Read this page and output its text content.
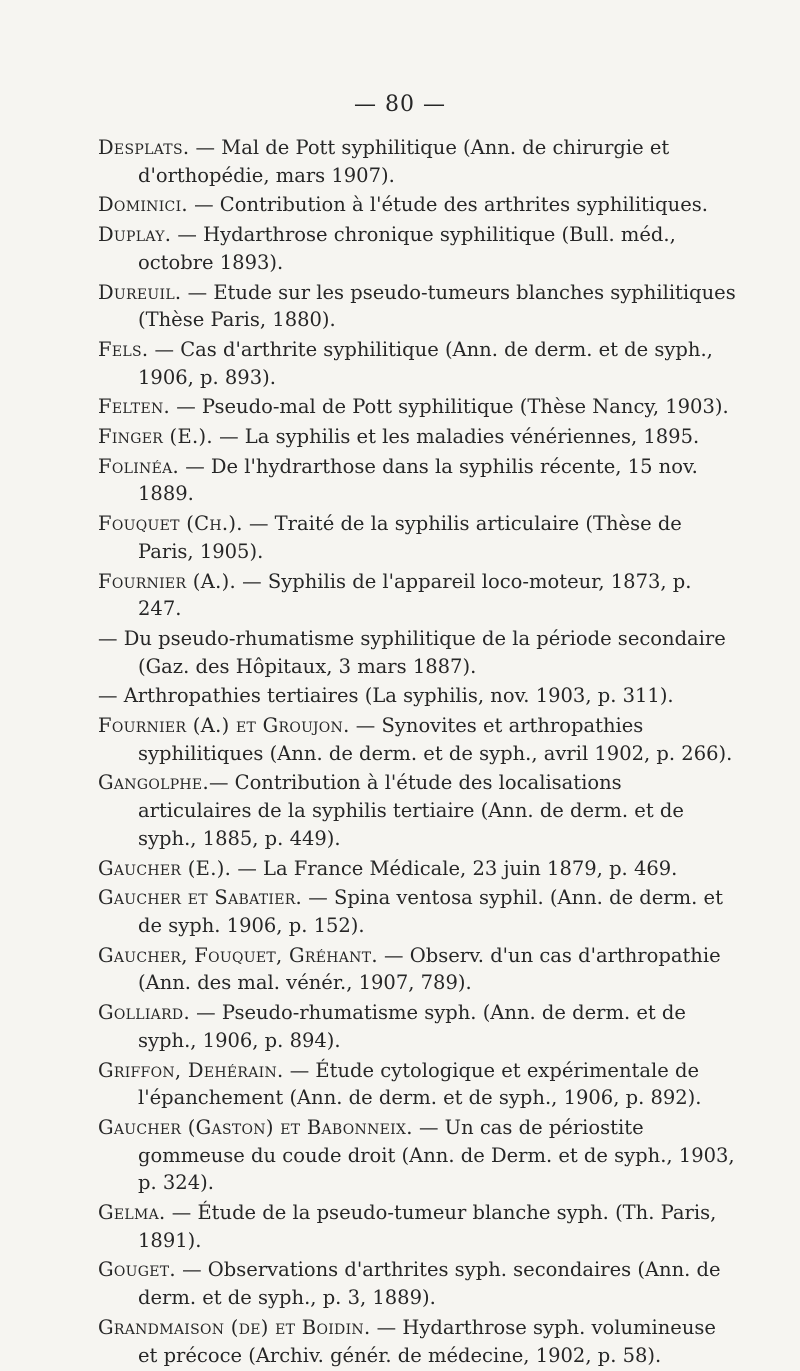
— 80 —

Desplats. — Mal de Pott syphilitique (Ann. de chirurgie et d'orthopédie, mars 1907).

Dominici. — Contribution à l'étude des arthrites syphilitiques.

Duplay. — Hydarthrose chronique syphilitique (Bull. méd., octobre 1893).

Dureuil. — Etude sur les pseudo-tumeurs blanches syphilitiques (Thèse Paris, 1880).

Fels. — Cas d'arthrite syphilitique (Ann. de derm. et de syph., 1906, p. 893).

Felten. — Pseudo-mal de Pott syphilitique (Thèse Nancy, 1903).

Finger (E.). — La syphilis et les maladies vénériennes, 1895.

Folinéa. — De l'hydrarthose dans la syphilis récente, 15 nov. 1889.

Fouquet (Ch.). — Traité de la syphilis articulaire (Thèse de Paris, 1905).

Fournier (A.). — Syphilis de l'appareil loco-moteur, 1873, p. 247.

— Du pseudo-rhumatisme syphilitique de la période secondaire (Gaz. des Hôpitaux, 3 mars 1887).

— Arthropathies tertiaires (La syphilis, nov. 1903, p. 311).

Fournier (A.) et Groujon. — Synovites et arthropathies syphilitiques (Ann. de derm. et de syph., avril 1902, p. 266).

Gangolphe.— Contribution à l'étude des localisations articulaires de la syphilis tertiaire (Ann. de derm. et de syph., 1885, p. 449).

Gaucher (E.). — La France Médicale, 23 juin 1879, p. 469.

Gaucher et Sabatier. — Spina ventosa syphil. (Ann. de derm. et de syph. 1906, p. 152).

Gaucher, Fouquet, Gréhant. — Observ. d'un cas d'arthropathie (Ann. des mal. vénér., 1907, 789).

Golliard. — Pseudo-rhumatisme syph. (Ann. de derm. et de syph., 1906, p. 894).

Griffon, Dehérain. — Étude cytologique et expérimentale de l'épanchement (Ann. de derm. et de syph., 1906, p. 892).

Gaucher (Gaston) et Babonneix. — Un cas de périostite gommeuse du coude droit (Ann. de Derm. et de syph., 1903, p. 324).

Gelma. — Étude de la pseudo-tumeur blanche syph. (Th. Paris, 1891).

Gouget. — Observations d'arthrites syph. secondaires (Ann. de derm. et de syph., p. 3, 1889).

Grandmaison (de) et Boidin. — Hydarthrose syph. volumineuse et précoce (Archiv. génér. de médecine, 1902, p. 58).
